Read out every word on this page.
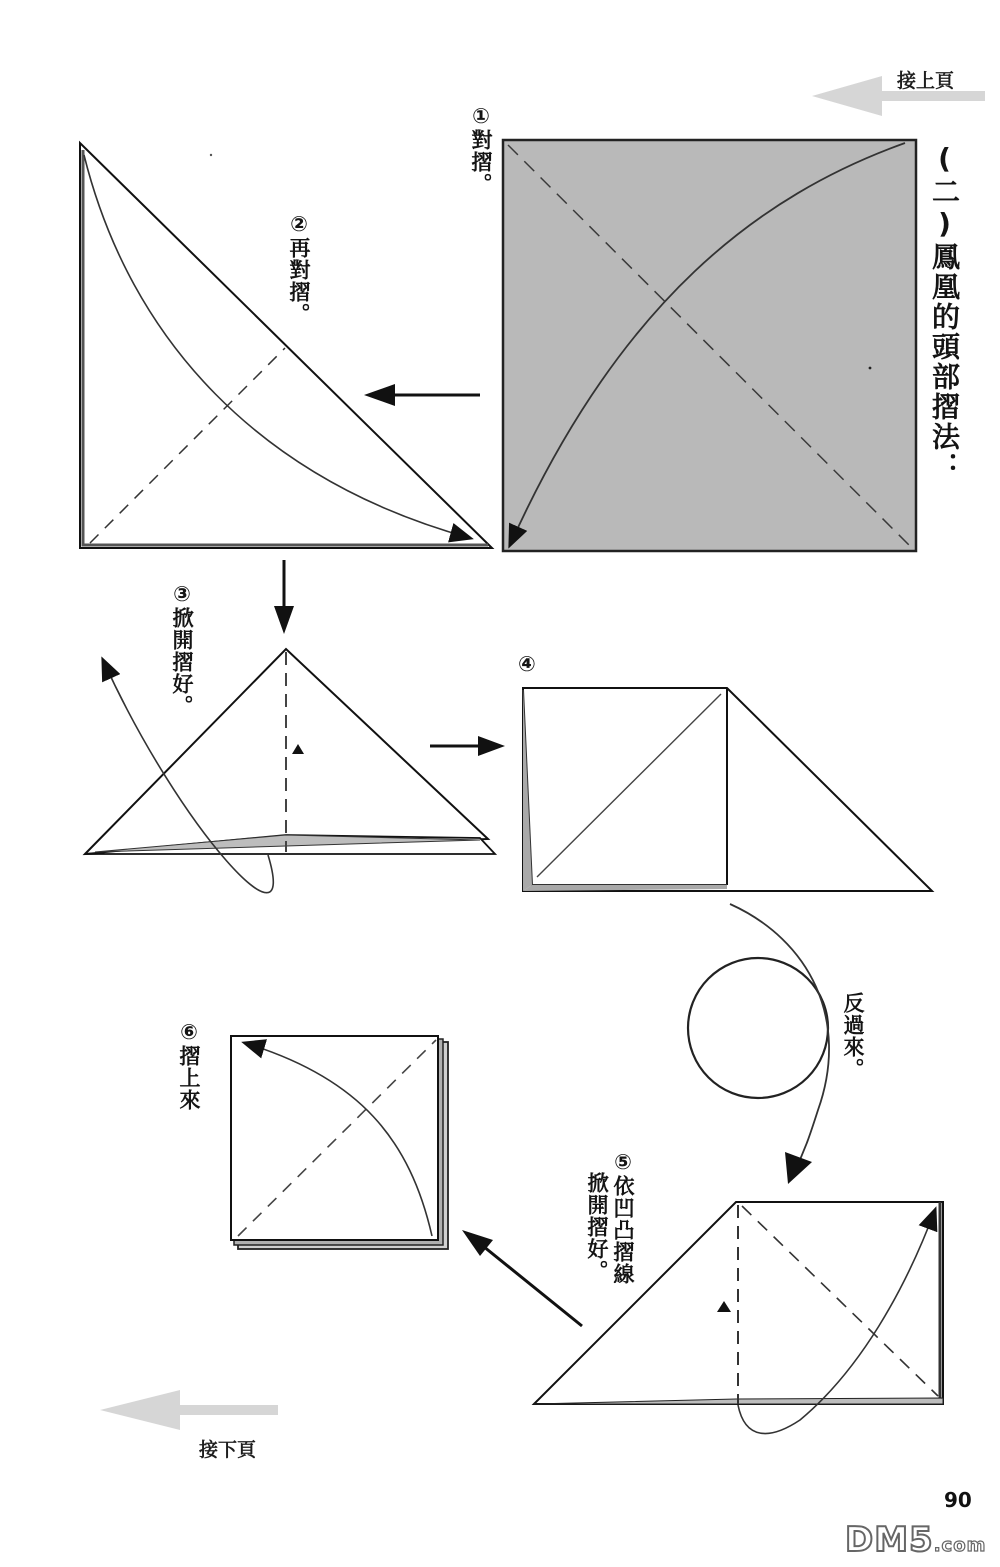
接上頁
接下頁
(二)鳳凰的頭部摺法：
①對摺。
②再對摺。
③掀開摺好。	④
反過來。
⑤依凹凸摺線
掀開摺好。
⑥摺上來
90
DM5.com
